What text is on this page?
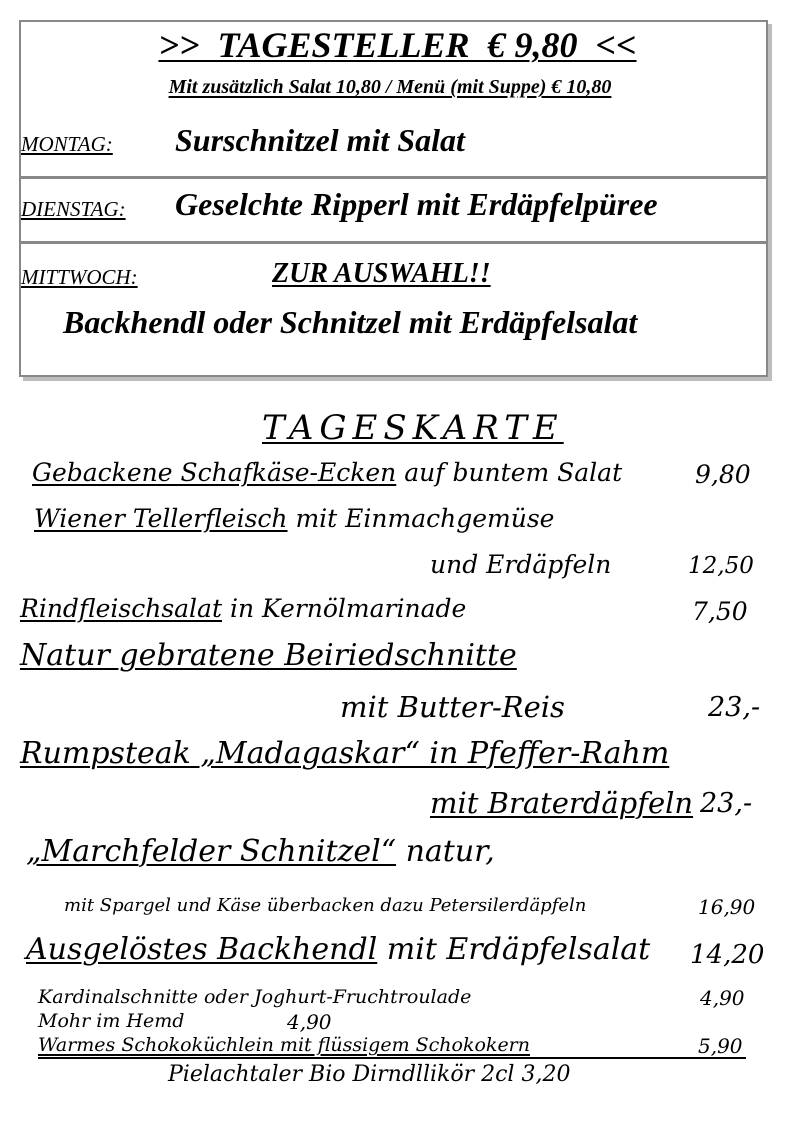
>>  TAGESTELLER  € 9,80  <<
Mit zusätzlich Salat 10,80 / Menü (mit Suppe) € 10,80
MONTAG: Surschnitzel mit Salat
DIENSTAG: Geselchte Ripperl mit Erdäpfelpüree
MITTWOCH:	ZUR AUSWAHL!!
Backhendl oder Schnitzel mit Erdäpfelsalat
TAGESKARTE
Gebackene Schafkäse-Ecken auf buntem Salat	9,80
Wiener Tellerfleisch mit Einmachgemüse
und Erdäpfeln	12,50
Rindfleischsalat in Kernölmarinade	7,50
Natur gebratene Beiriedschnitte
mit Butter-Reis	23,-
Rumpsteak „Madagaskar“ in Pfeffer-Rahm
mit Braterdäpfeln 23,-
„Marchfelder Schnitzel“ natur,
mit Spargel und Käse überbacken dazu Petersilerdäpfeln	16,90
Ausgelöstes Backhendl mit Erdäpfelsalat 14,20
Kardinalschnitte oder Joghurt-Fruchtroulade	4,90
Mohr im Hemd	4,90
Warmes Schokoküchlein mit flüssigem Schokokern	5,90
Pielachtaler Bio Dirndllikör 2cl 3,20
